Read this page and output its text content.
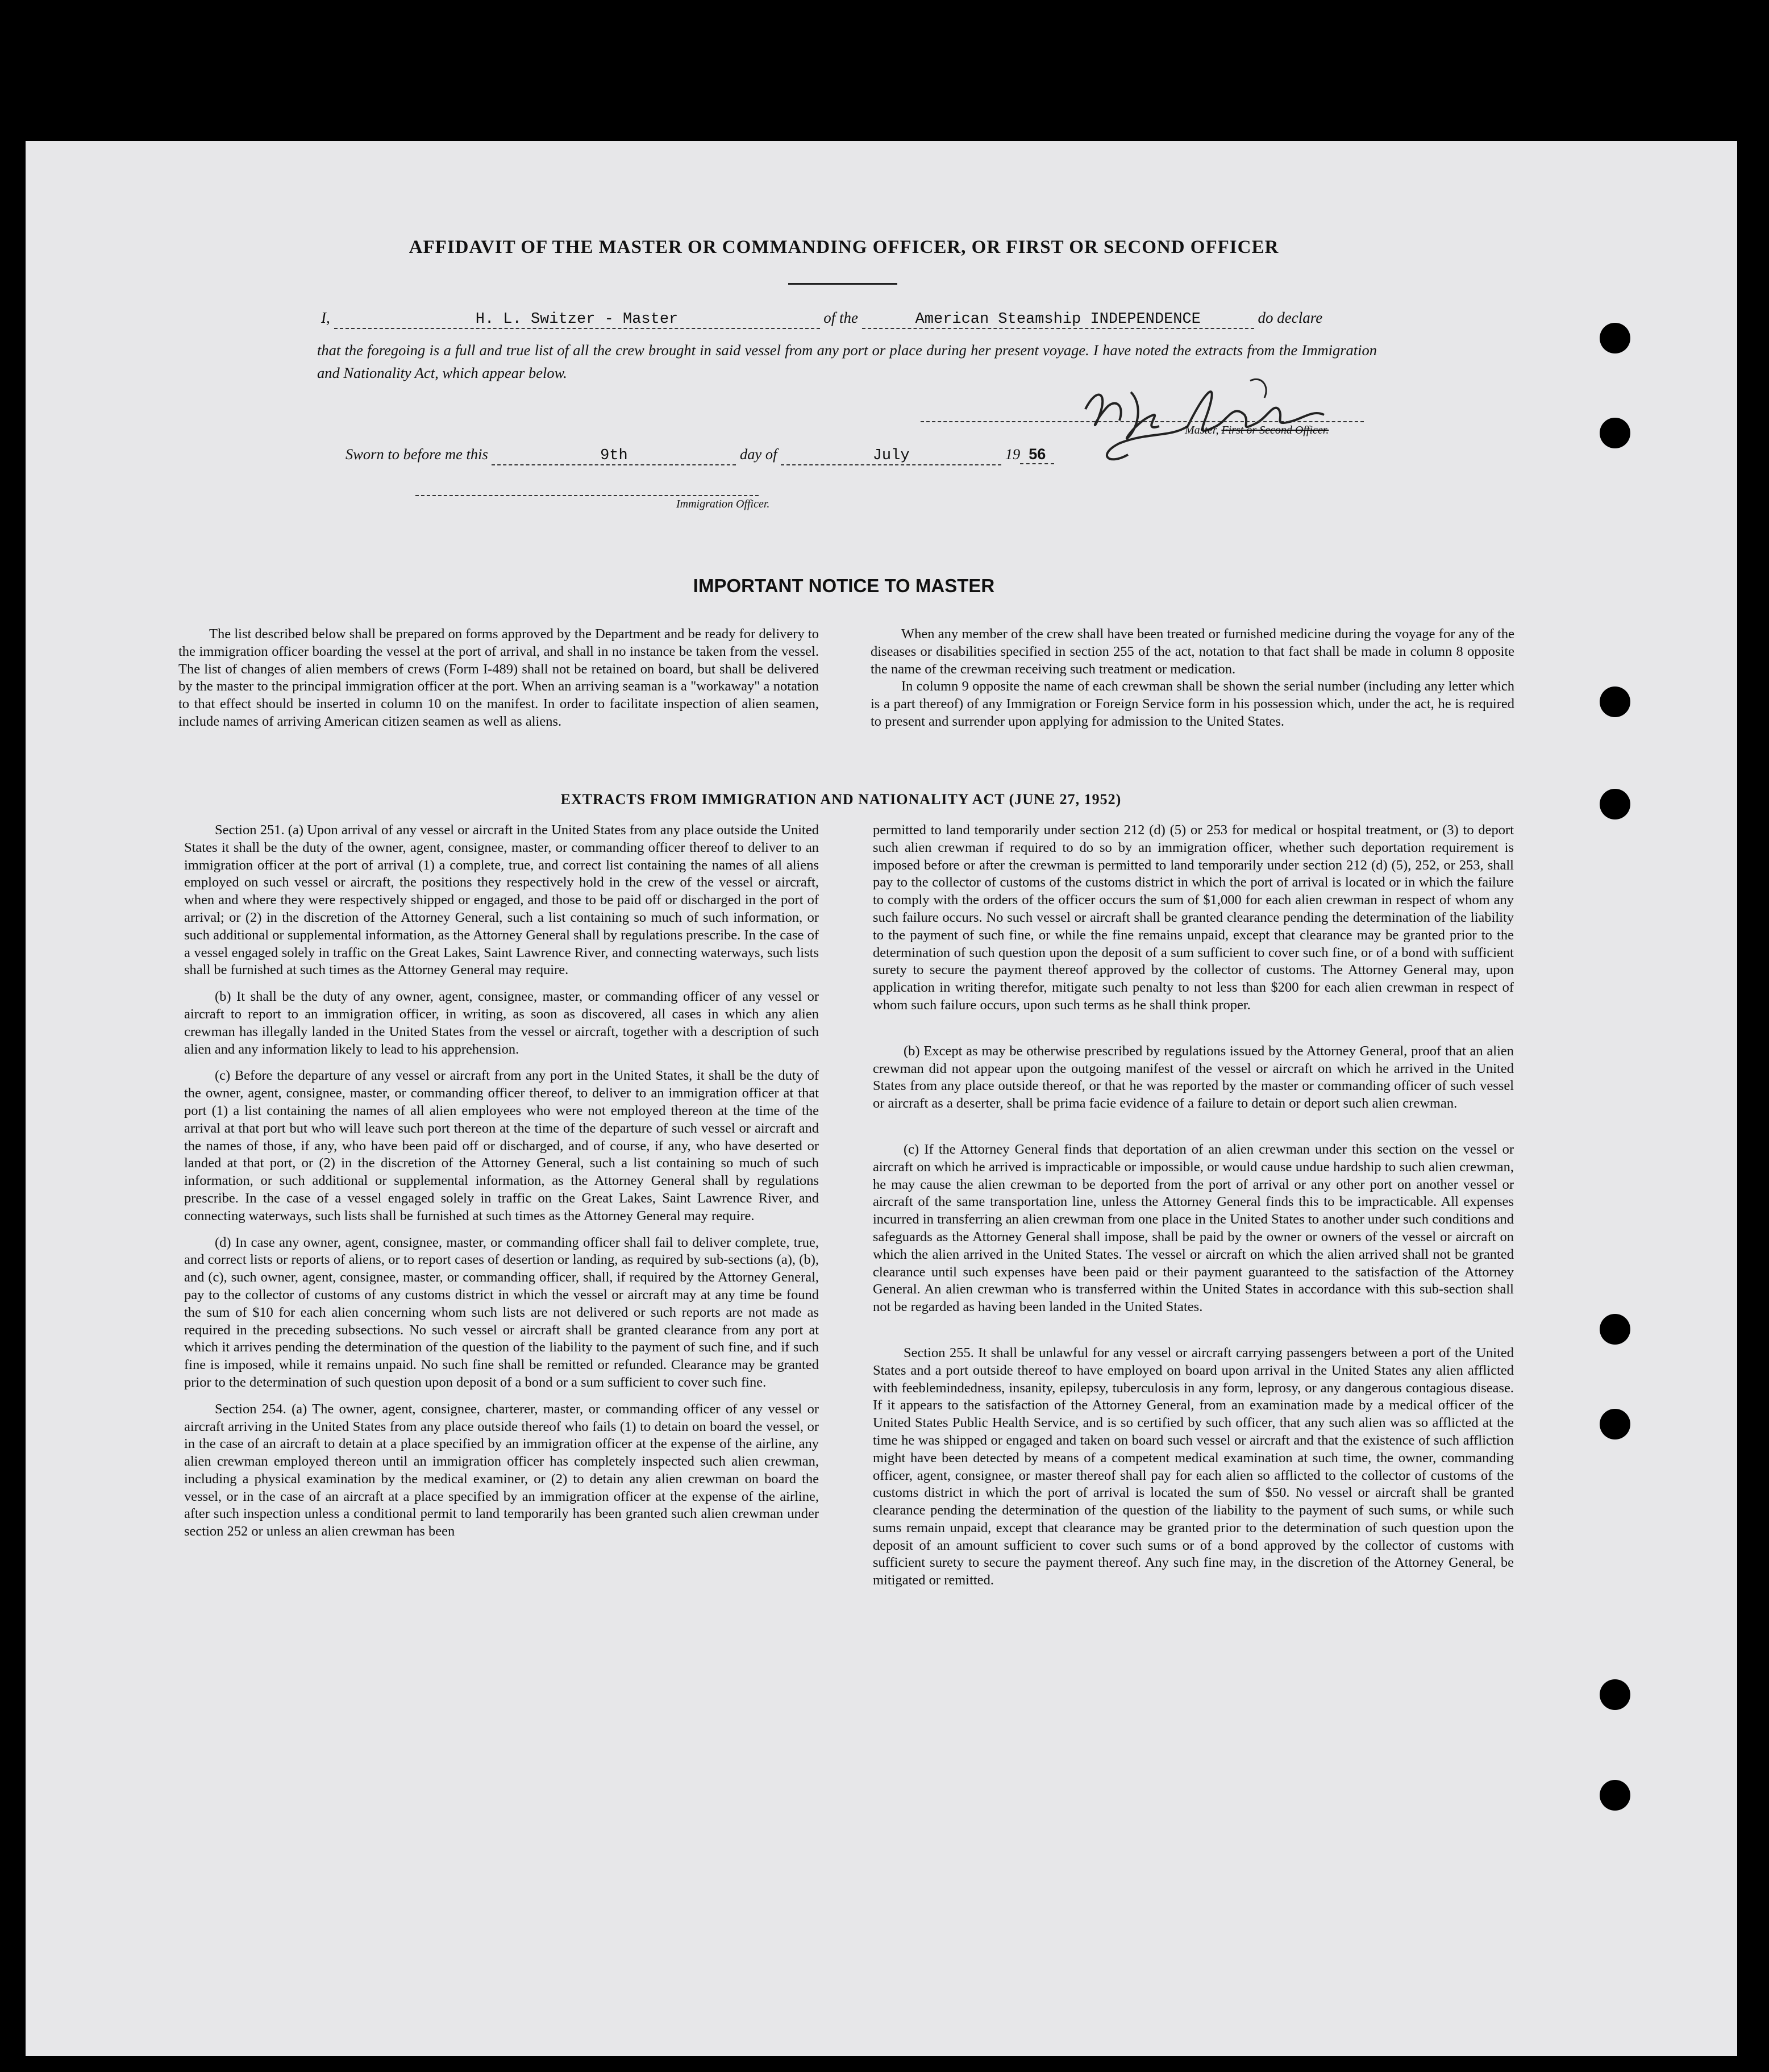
AFFIDAVIT OF THE MASTER OR COMMANDING OFFICER, OR FIRST OR SECOND OFFICER
I,	H. L. Switzer - Master	of the	American Steamship INDEPENDENCE	do declare
that the foregoing is a full and true list of all the crew brought in said vessel from any port or place during her present voyage. I have noted the extracts from the Immigration and Nationality Act, which appear below.
Master, First or Second Officer.
Sworn to before me this	9th	day of	July	19 56
Immigration Officer.
IMPORTANT NOTICE TO MASTER

The list described below shall be prepared on forms approved by the Department and be ready for delivery to the immigration officer boarding the vessel at the port of arrival, and shall in no instance be taken from the vessel. The list of changes of alien members of crews (Form I-489) shall not be retained on board, but shall be delivered by the master to the principal immigration officer at the port. When an arriving seaman is a "workaway" a notation to that effect should be inserted in column 10 on the manifest. In order to facilitate inspection of alien seamen, include names of arriving American citizen seamen as well as aliens.

When any member of the crew shall have been treated or furnished medicine during the voyage for any of the diseases or disabilities specified in section 255 of the act, notation to that fact shall be made in column 8 opposite the name of the crewman receiving such treatment or medication.

In column 9 opposite the name of each crewman shall be shown the serial number (including any letter which is a part thereof) of any Immigration or Foreign Service form in his possession which, under the act, he is required to present and surrender upon applying for admission to the United States.

EXTRACTS FROM IMMIGRATION AND NATIONALITY ACT (JUNE 27, 1952)

Section 251. (a) Upon arrival of any vessel or aircraft in the United States from any place outside the United States it shall be the duty of the owner, agent, consignee, master, or commanding officer thereof to deliver to an immigration officer at the port of arrival (1) a complete, true, and correct list containing the names of all aliens employed on such vessel or aircraft, the positions they respectively hold in the crew of the vessel or aircraft, when and where they were respectively shipped or engaged, and those to be paid off or discharged in the port of arrival; or (2) in the discretion of the Attorney General, such a list containing so much of such information, or such additional or supplemental information, as the Attorney General shall by regulations prescribe. In the case of a vessel engaged solely in traffic on the Great Lakes, Saint Lawrence River, and connecting waterways, such lists shall be furnished at such times as the Attorney General may require.

(b) It shall be the duty of any owner, agent, consignee, master, or commanding officer of any vessel or aircraft to report to an immigration officer, in writing, as soon as discovered, all cases in which any alien crewman has illegally landed in the United States from the vessel or aircraft, together with a description of such alien and any information likely to lead to his apprehension.

(c) Before the departure of any vessel or aircraft from any port in the United States, it shall be the duty of the owner, agent, consignee, master, or commanding officer thereof, to deliver to an immigration officer at that port (1) a list containing the names of all alien employees who were not employed thereon at the time of the arrival at that port but who will leave such port thereon at the time of the departure of such vessel or aircraft and the names of those, if any, who have been paid off or discharged, and of course, if any, who have deserted or landed at that port, or (2) in the discretion of the Attorney General, such a list containing so much of such information, or such additional or supplemental information, as the Attorney General shall by regulations prescribe. In the case of a vessel engaged solely in traffic on the Great Lakes, Saint Lawrence River, and connecting waterways, such lists shall be furnished at such times as the Attorney General may require.

(d) In case any owner, agent, consignee, master, or commanding officer shall fail to deliver complete, true, and correct lists or reports of aliens, or to report cases of desertion or landing, as required by sub-sections (a), (b), and (c), such owner, agent, consignee, master, or commanding officer, shall, if required by the Attorney General, pay to the collector of customs of any customs district in which the vessel or aircraft may at any time be found the sum of $10 for each alien concerning whom such lists are not delivered or such reports are not made as required in the preceding subsections. No such vessel or aircraft shall be granted clearance from any port at which it arrives pending the determination of the question of the liability to the payment of such fine, and if such fine is imposed, while it remains unpaid. No such fine shall be remitted or refunded. Clearance may be granted prior to the determination of such question upon deposit of a bond or a sum sufficient to cover such fine.

Section 254. (a) The owner, agent, consignee, charterer, master, or commanding officer of any vessel or aircraft arriving in the United States from any place outside thereof who fails (1) to detain on board the vessel, or in the case of an aircraft to detain at a place specified by an immigration officer at the expense of the airline, any alien crewman employed thereon until an immigration officer has completely inspected such alien crewman, including a physical examination by the medical examiner, or (2) to detain any alien crewman on board the vessel, or in the case of an aircraft at a place specified by an immigration officer at the expense of the airline, after such inspection unless a conditional permit to land temporarily has been granted such alien crewman under section 252 or unless an alien crewman has been

permitted to land temporarily under section 212 (d) (5) or 253 for medical or hospital treatment, or (3) to deport such alien crewman if required to do so by an immigration officer, whether such deportation requirement is imposed before or after the crewman is permitted to land temporarily under section 212 (d) (5), 252, or 253, shall pay to the collector of customs of the customs district in which the port of arrival is located or in which the failure to comply with the orders of the officer occurs the sum of $1,000 for each alien crewman in respect of whom any such failure occurs. No such vessel or aircraft shall be granted clearance pending the determination of the liability to the payment of such fine, or while the fine remains unpaid, except that clearance may be granted prior to the determination of such question upon the deposit of a sum sufficient to cover such fine, or of a bond with sufficient surety to secure the payment thereof approved by the collector of customs. The Attorney General may, upon application in writing therefor, mitigate such penalty to not less than $200 for each alien crewman in respect of whom such failure occurs, upon such terms as he shall think proper.

(b) Except as may be otherwise prescribed by regulations issued by the Attorney General, proof that an alien crewman did not appear upon the outgoing manifest of the vessel or aircraft on which he arrived in the United States from any place outside thereof, or that he was reported by the master or commanding officer of such vessel or aircraft as a deserter, shall be prima facie evidence of a failure to detain or deport such alien crewman.

(c) If the Attorney General finds that deportation of an alien crewman under this section on the vessel or aircraft on which he arrived is impracticable or impossible, or would cause undue hardship to such alien crewman, he may cause the alien crewman to be deported from the port of arrival or any other port on another vessel or aircraft of the same transportation line, unless the Attorney General finds this to be impracticable. All expenses incurred in transferring an alien crewman from one place in the United States to another under such conditions and safeguards as the Attorney General shall impose, shall be paid by the owner or owners of the vessel or aircraft on which the alien arrived in the United States. The vessel or aircraft on which the alien arrived shall not be granted clearance until such expenses have been paid or their payment guaranteed to the satisfaction of the Attorney General. An alien crewman who is transferred within the United States in accordance with this sub-section shall not be regarded as having been landed in the United States.

Section 255. It shall be unlawful for any vessel or aircraft carrying passengers between a port of the United States and a port outside thereof to have employed on board upon arrival in the United States any alien afflicted with feeblemindedness, insanity, epilepsy, tuberculosis in any form, leprosy, or any dangerous contagious disease. If it appears to the satisfaction of the Attorney General, from an examination made by a medical officer of the United States Public Health Service, and is so certified by such officer, that any such alien was so afflicted at the time he was shipped or engaged and taken on board such vessel or aircraft and that the existence of such affliction might have been detected by means of a competent medical examination at such time, the owner, commanding officer, agent, consignee, or master thereof shall pay for each alien so afflicted to the collector of customs of the customs district in which the port of arrival is located the sum of $50. No vessel or aircraft shall be granted clearance pending the determination of the question of the liability to the payment of such sums, or while such sums remain unpaid, except that clearance may be granted prior to the determination of such question upon the deposit of an amount sufficient to cover such sums or of a bond approved by the collector of customs with sufficient surety to secure the payment thereof. Any such fine may, in the discretion of the Attorney General, be mitigated or remitted.
